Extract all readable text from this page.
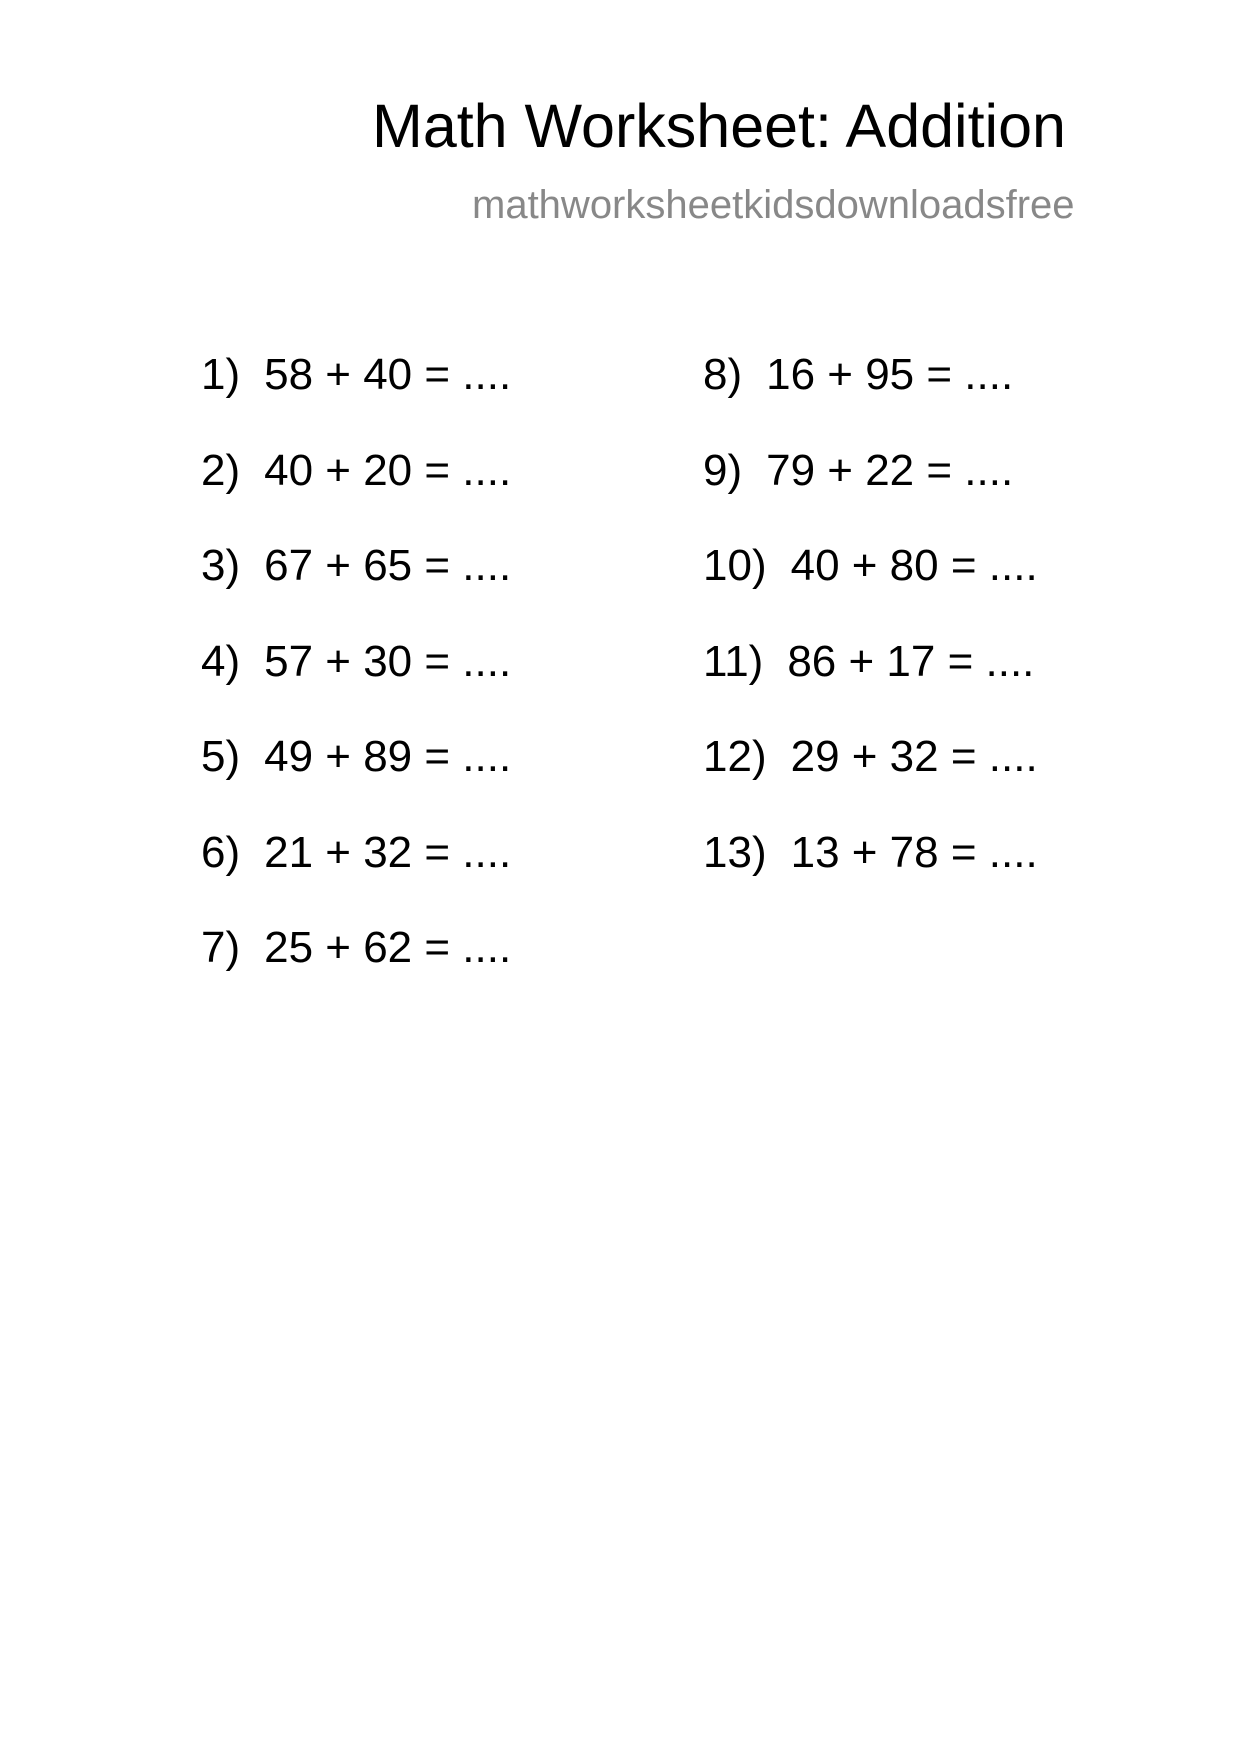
Math Worksheet: Addition
mathworksheetkidsdownloadsfree
1) 58 + 40 = ....
2) 40 + 20 = ....
3) 67 + 65 = ....
4) 57 + 30 = ....
5) 49 + 89 = ....
6) 21 + 32 = ....
7) 25 + 62 = ....
8) 16 + 95 = ....
9) 79 + 22 = ....
10) 40 + 80 = ....
11) 86 + 17 = ....
12) 29 + 32 = ....
13) 13 + 78 = ....
